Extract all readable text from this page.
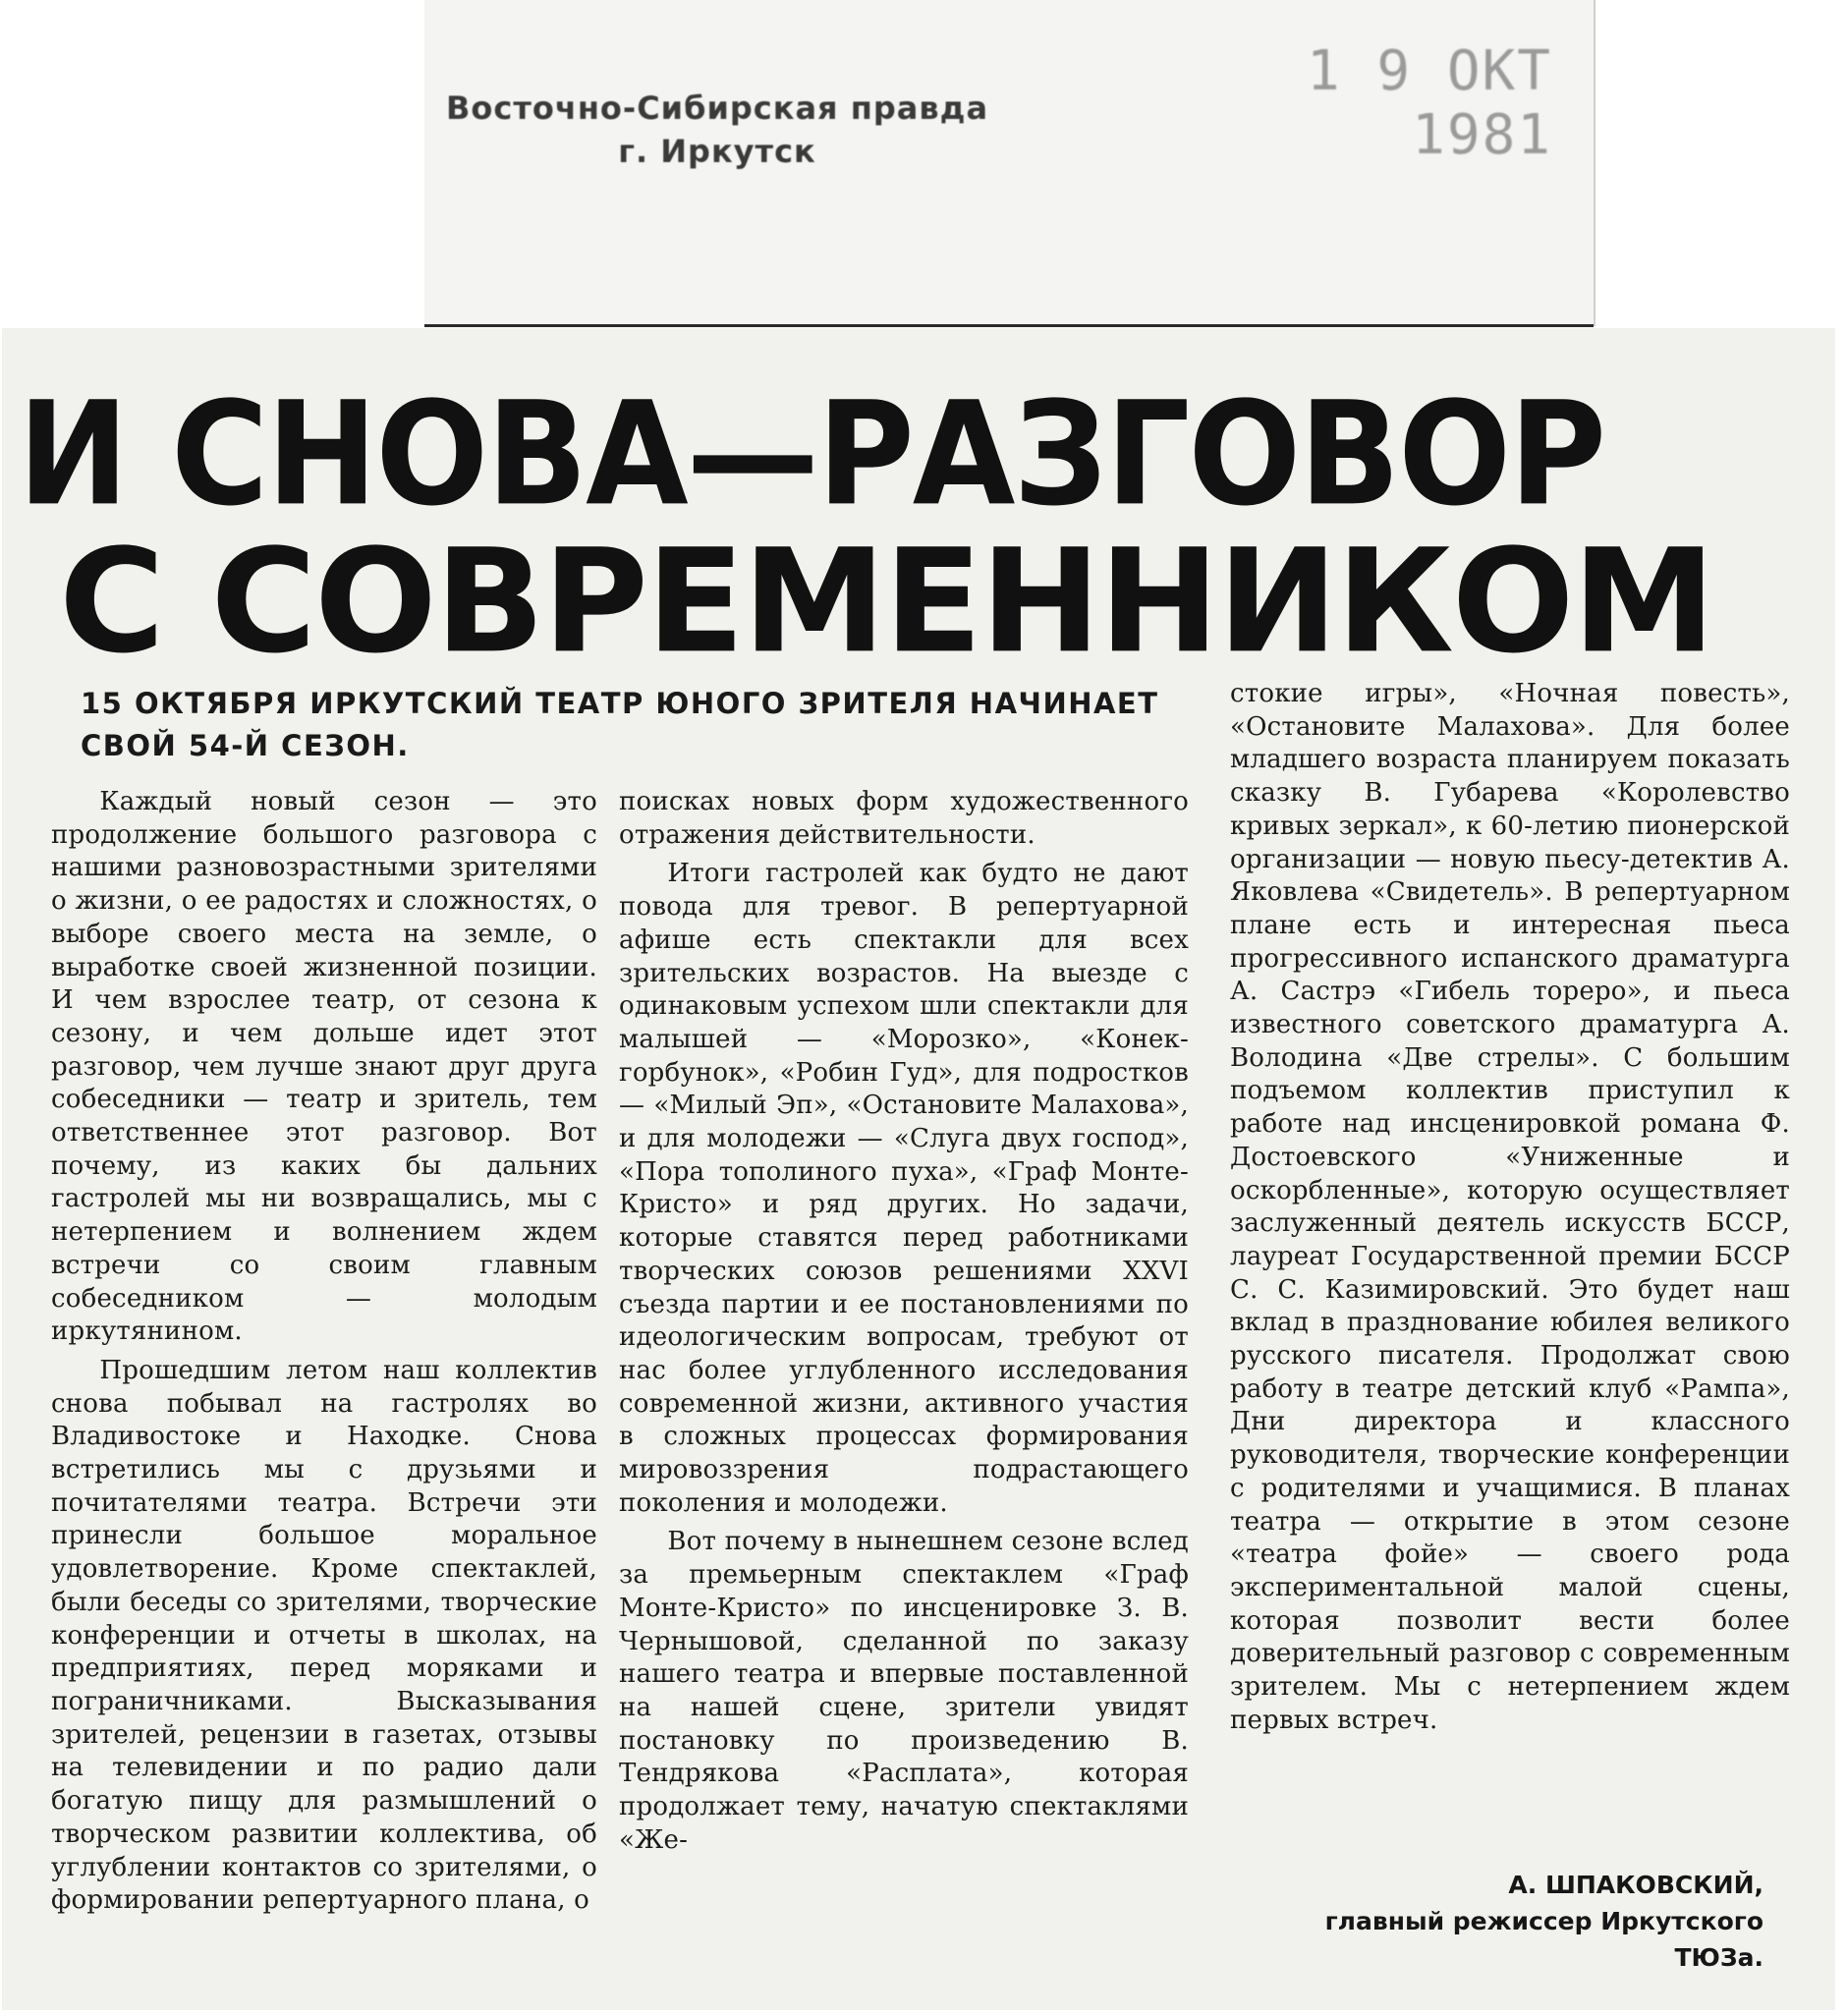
Восточно-Сибирская правда
г. Иркутск
1 9 ОКТ 1981
И СНОВА—РАЗГОВОР
С СОВРЕМЕННИКОМ
15 ОКТЯБРЯ ИРКУТСКИЙ ТЕАТР ЮНОГО ЗРИТЕЛЯ НАЧИНАЕТ СВОЙ 54-Й СЕЗОН.

Каждый новый сезон — это продолжение большого разговора с нашими разновозрастными зрителями о жизни, о ее радостях и сложностях, о выборе своего места на земле, о выработке своей жизненной позиции. И чем взрослее театр, от сезона к сезону, и чем дольше идет этот разговор, чем лучше знают друг друга собеседники — театр и зритель, тем ответственнее этот разговор. Вот почему, из каких бы дальних гастролей мы ни возвращались, мы с нетерпением и волнением ждем встречи со своим главным собеседником — молодым иркутянином.

Прошедшим летом наш коллектив снова побывал на гастролях во Владивостоке и Находке. Снова встретились мы с друзьями и почитателями театра. Встречи эти принесли большое моральное удовлетворение. Кроме спектаклей, были беседы со зрителями, творческие конференции и отчеты в школах, на предприятиях, перед моряками и пограничниками. Высказывания зрителей, рецензии в газетах, отзывы на телевидении и по радио дали богатую пищу для размышлений о творческом развитии коллектива, об углублении контактов со зрителями, о формировании репертуарного плана, о

поисках новых форм художественного отражения действительности.

Итоги гастролей как будто не дают повода для тревог. В репертуарной афише есть спектакли для всех зрительских возрастов. На выезде с одинаковым успехом шли спектакли для малышей — «Морозко», «Конек-горбунок», «Робин Гуд», для подростков — «Милый Эп», «Остановите Малахова», и для молодежи — «Слуга двух господ», «Пора тополиного пуха», «Граф Монте-Кристо» и ряд других. Но задачи, которые ставятся перед работниками творческих союзов решениями XXVI съезда партии и ее постановлениями по идеологическим вопросам, требуют от нас более углубленного исследования современной жизни, активного участия в сложных процессах формирования мировоззрения подрастающего поколения и молодежи.

Вот почему в нынешнем сезоне вслед за премьерным спектаклем «Граф Монте-Кристо» по инсценировке З. В. Чернышовой, сделанной по заказу нашего театра и впервые поставленной на нашей сцене, зрители увидят постановку по произведению В. Тендрякова «Расплата», которая продолжает тему, начатую спектаклями «Же-

стокие игры», «Ночная повесть», «Остановите Малахова». Для более младшего возраста планируем показать сказку В. Губарева «Королевство кривых зеркал», к 60-летию пионерской организации — новую пьесу-детектив А. Яковлева «Свидетель». В репертуарном плане есть и интересная пьеса прогрессивного испанского драматурга А. Састрэ «Гибель тореро», и пьеса известного советского драматурга А. Володина «Две стрелы». С большим подъемом коллектив приступил к работе над инсценировкой романа Ф. Достоевского «Униженные и оскорбленные», которую осуществляет заслуженный деятель искусств БССР, лауреат Государственной премии БССР С. С. Казимировский. Это будет наш вклад в празднование юбилея великого русского писателя. Продолжат свою работу в театре детский клуб «Рампа», Дни директора и классного руководителя, творческие конференции с родителями и учащимися. В планах театра — открытие в этом сезоне «театра фойе» — своего рода экспериментальной малой сцены, которая позволит вести более доверительный разговор с современным зрителем. Мы с нетерпением ждем первых встреч.

А. ШПАКОВСКИЙ,
главный режиссер Иркутского
ТЮЗа.
